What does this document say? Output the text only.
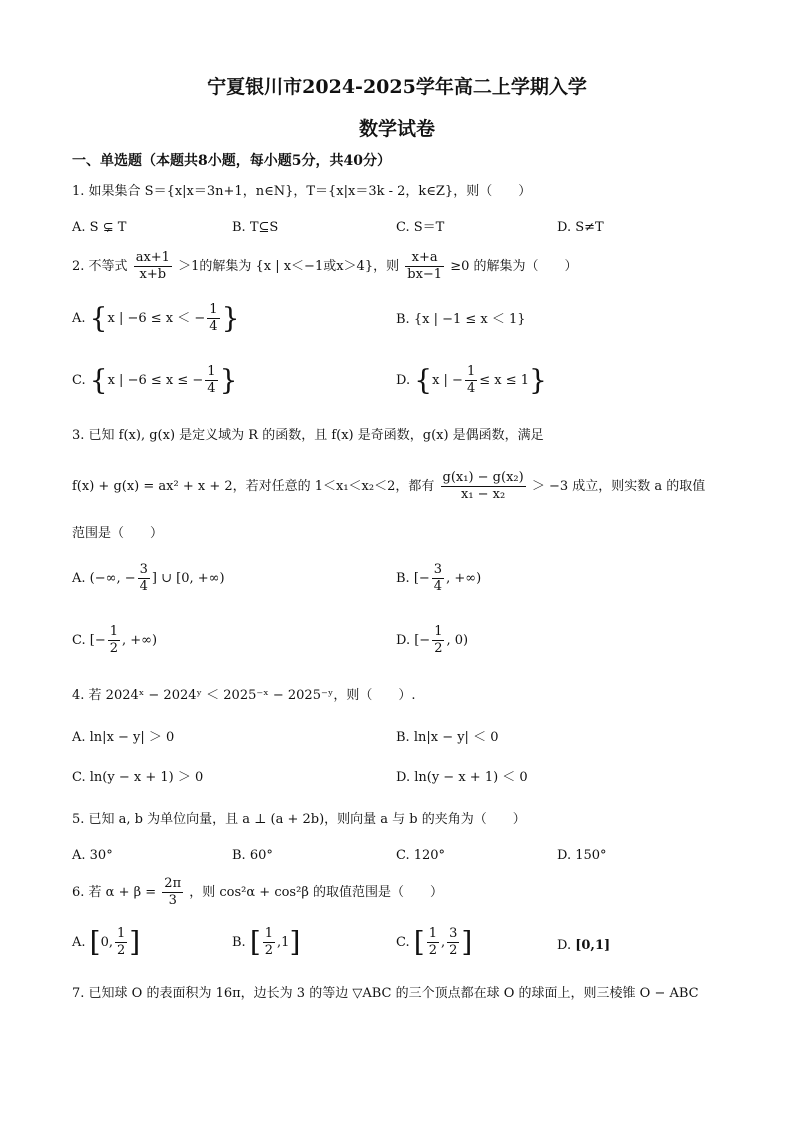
宁夏银川市2024-2025学年高二上学期入学
数学试卷
一、单选题（本题共8小题，每小题5分，共40分）
1. 如果集合 S＝{x|x＝3n+1，n∈N}，T＝{x|x＝3k - 2，k∈Z}，则（　　）
A. S ⊊ T	B. T⊆S	C. S＝T	D. S≠T
2. 不等式 $\frac{ax+1}{x+b} >1$的解集为 {x | x＜−1或x＞4}，则 $\frac{x+a}{bx-1} \ge 0$ 的解集为（　　）
A. {x | −6 ≤ x ＜ − $\frac{1}{4}$ }	B. {x | −1 ≤ x ＜ 1}
C. {x | −6 ≤ x ≤ − $\frac{1}{4}$ }	D. {x | − $\frac{1}{4} \le x \le 1$}
3. 已知 f(x), g(x) 是定义域为 R 的函数，且 f(x) 是奇函数，g(x) 是偶函数，满足
f(x) + g(x) = ax² + x + 2，若对任意的 1＜x₁＜x₂＜2，都有 $\frac{\text{g(x₁) − g(x₂)}}{\text{x₁ − x₂}} > -3$ 成立，则实数 a 的取值
范围是（　　）
A. (−∞, − $\frac{3}{4}$ ] ∪ [0, +∞)	B. [− $\frac{3}{4}$ , +∞)
C. [− $\frac{1}{2}$ , +∞)	D. [− $\frac{1}{2}$ , 0)
4. 若 2024ˣ − 2024ʸ ＜ 2025⁻ˣ − 2025⁻ʸ，则（　　）.
A. ln|x − y| ＞ 0	B. ln|x − y| ＜ 0
C. ln(y − x + 1) ＞ 0	D. ln(y − x + 1) ＜ 0
5. 已知 a, b 为单位向量，且 a ⊥ (a + 2b)，则向量 a 与 b 的夹角为（　　）
A. 30°	B. 60°	C. 120°	D. 150°
6. 若 $\alpha + \beta = \frac{2\pi}{3}$ ，则 cos²α + cos²β 的取值范围是（　　）
A. [0, $\frac{1}{2}$ ]	B. [ $\frac{1}{2} ,1$]	C. [ $\frac{1}{2}$ , $\frac{3}{2}$ ]	D. [0,1]
7. 已知球 O 的表面积为 16π，边长为 3 的等边 ▽ABC 的三个顶点都在球 O 的球面上，则三棱锥 O − ABC
